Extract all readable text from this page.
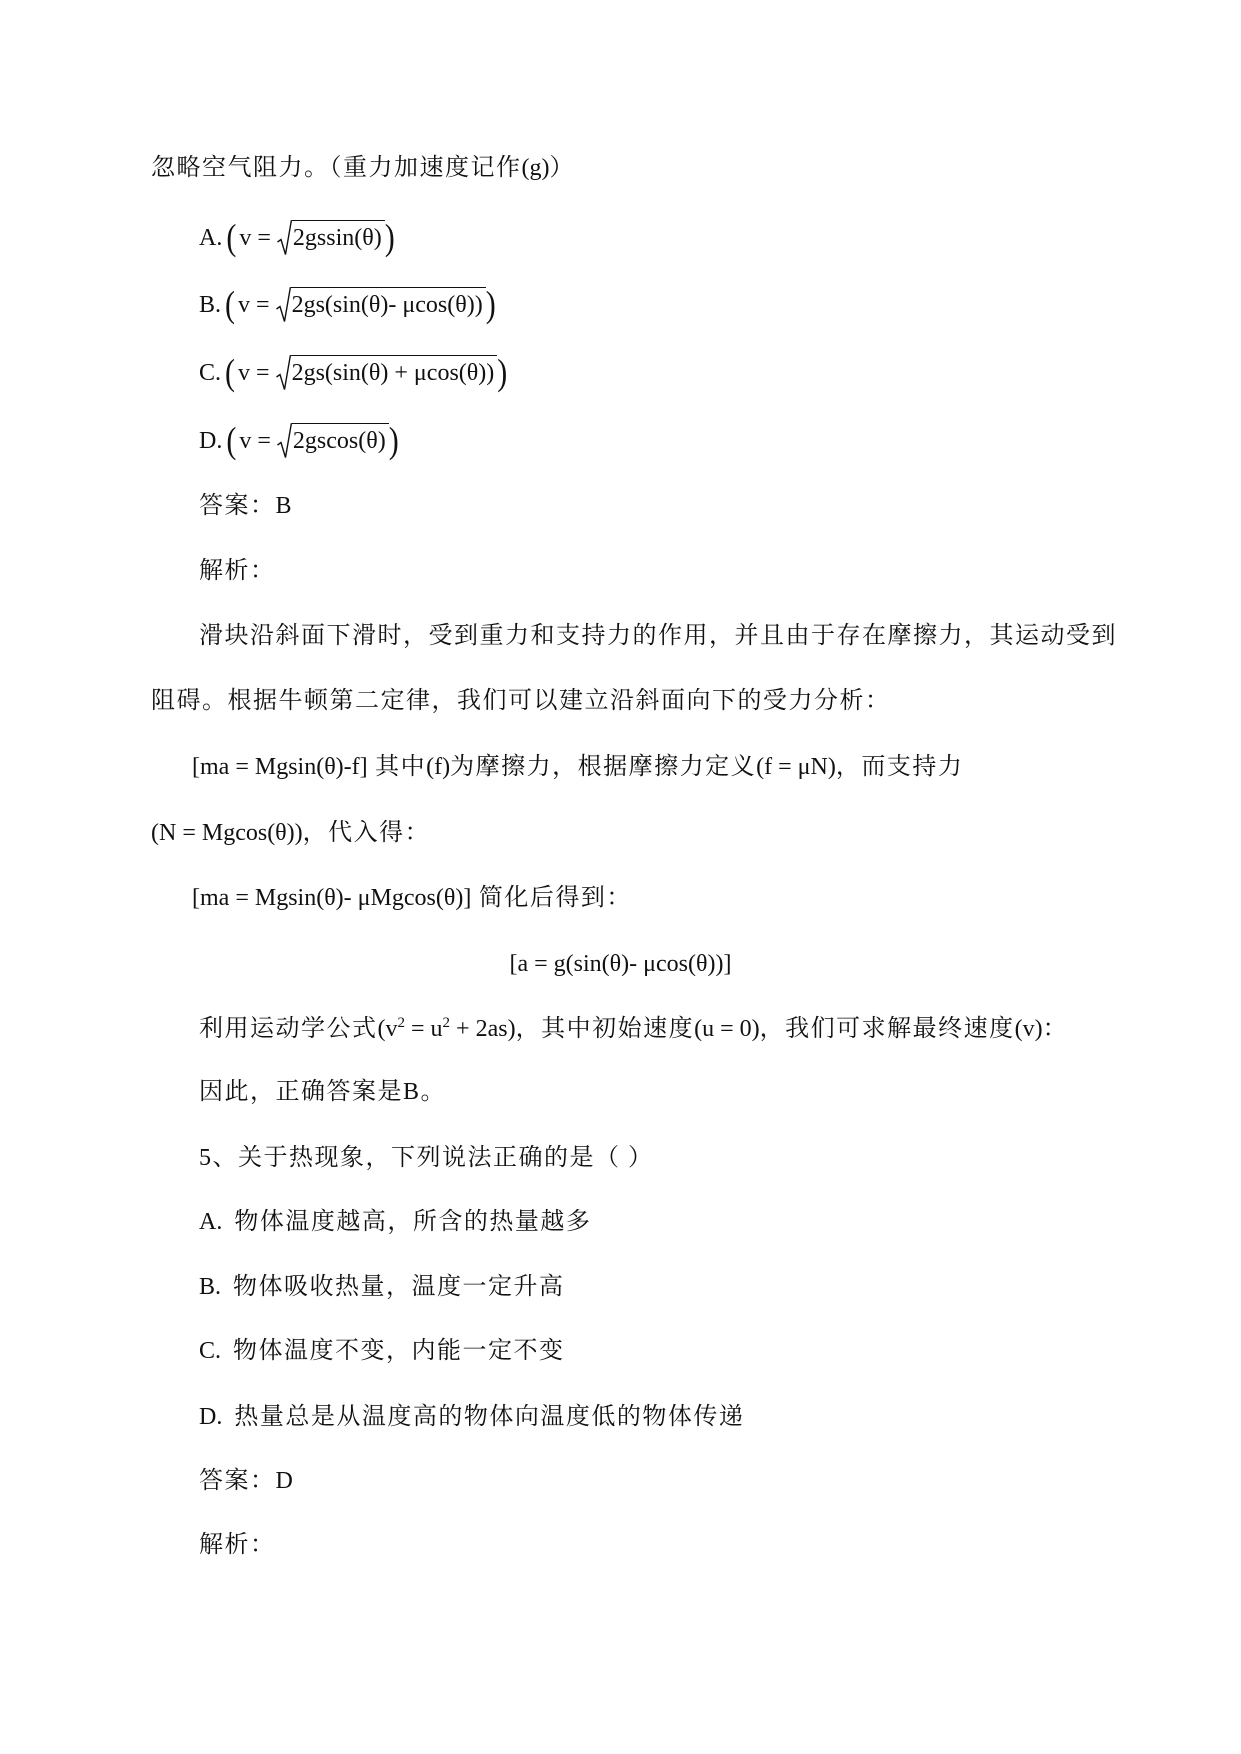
忽略空气阻力。（重力加速度记作(g)）
A. ( v = 2gssin(θ) )
B. ( v = 2gs(sin(θ)- μcos(θ)) )
C. ( v = 2gs(sin(θ) + μcos(θ)) )
D. ( v = 2gscos(θ) )
答案：B
解析：
滑块沿斜面下滑时，受到重力和支持力的作用，并且由于存在摩擦力，其运动受到
阻碍。根据牛顿第二定律，我们可以建立沿斜面向下的受力分析：
[ma = Mgsin(θ)-f] 其中(f)为摩擦力，根据摩擦力定义(f = μN)，而支持力
(N = Mgcos(θ))，代入得：
[ma = Mgsin(θ)- μMgcos(θ)] 简化后得到：
[a = g(sin(θ)- μcos(θ))]
利用运动学公式$(v^2 = u^2 + 2as)$，其中初始速度(u = 0)，我们可求解最终速度(v)：
因此，正确答案是B。
5、关于热现象，下列说法正确的是（ ）
A. 物体温度越高，所含的热量越多
B. 物体吸收热量，温度一定升高
C. 物体温度不变，内能一定不变
D. 热量总是从温度高的物体向温度低的物体传递
答案：D
解析：
